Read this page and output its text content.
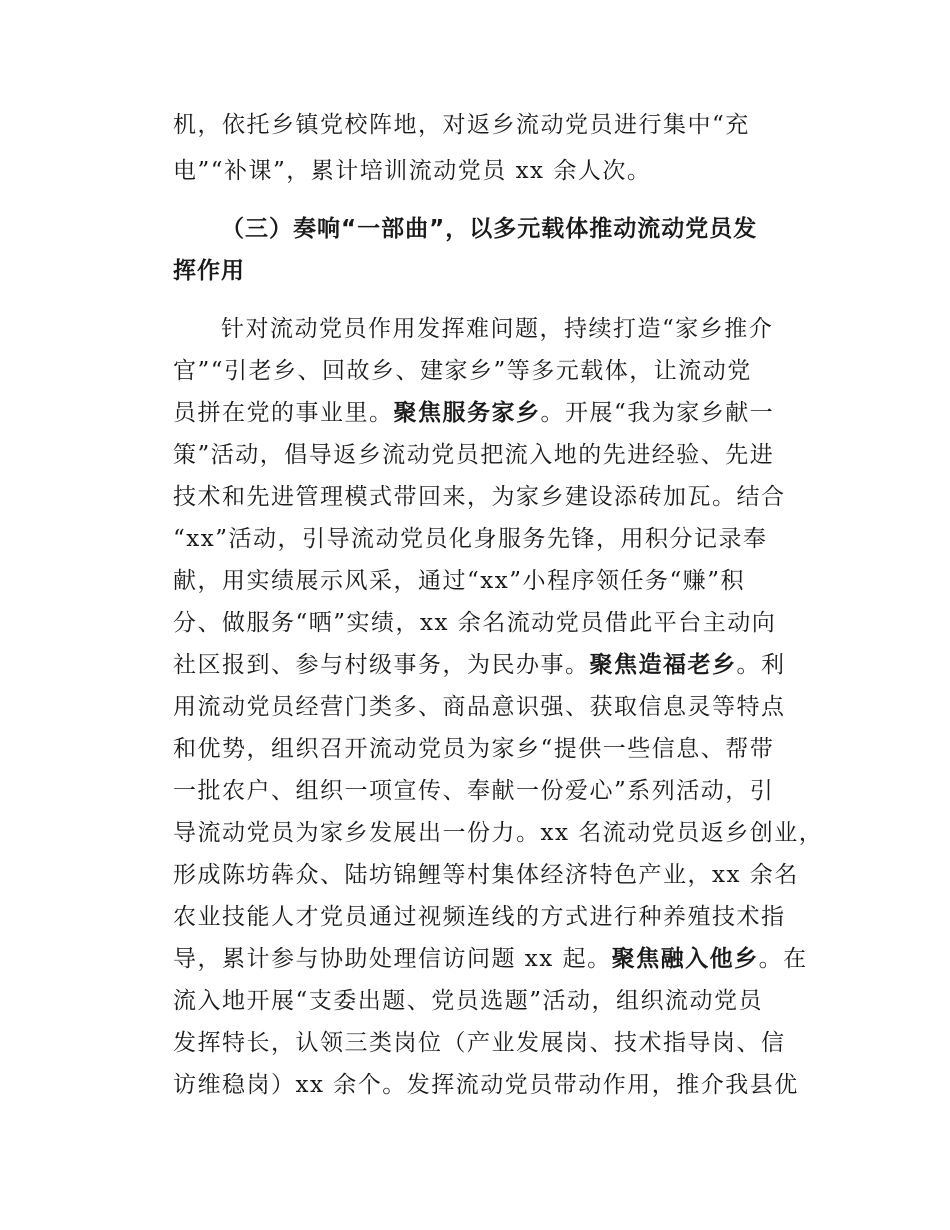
机，依托乡镇党校阵地，对返乡流动党员进行集中“充
电”“补课”，累计培训流动党员 xx 余人次。
（三）奏响“一部曲”，以多元载体推动流动党员发
挥作用
针对流动党员作用发挥难问题，持续打造“家乡推介
官”“引老乡、回故乡、建家乡”等多元载体，让流动党
员拼在党的事业里。聚焦服务家乡。开展“我为家乡献一
策”活动，倡导返乡流动党员把流入地的先进经验、先进
技术和先进管理模式带回来，为家乡建设添砖加瓦。结合
“xx”活动，引导流动党员化身服务先锋，用积分记录奉
献，用实绩展示风采，通过“xx”小程序领任务“赚”积
分、做服务“晒”实绩，xx 余名流动党员借此平台主动向
社区报到、参与村级事务，为民办事。聚焦造福老乡。利
用流动党员经营门类多、商品意识强、获取信息灵等特点
和优势，组织召开流动党员为家乡“提供一些信息、帮带
一批农户、组织一项宣传、奉献一份爱心”系列活动，引
导流动党员为家乡发展出一份力。xx 名流动党员返乡创业，
形成陈坊犇众、陆坊锦鲤等村集体经济特色产业，xx 余名
农业技能人才党员通过视频连线的方式进行种养殖技术指
导，累计参与协助处理信访问题 xx 起。聚焦融入他乡。在
流入地开展“支委出题、党员选题”活动，组织流动党员
发挥特长，认领三类岗位（产业发展岗、技术指导岗、信
访维稳岗）xx 余个。发挥流动党员带动作用，推介我县优
